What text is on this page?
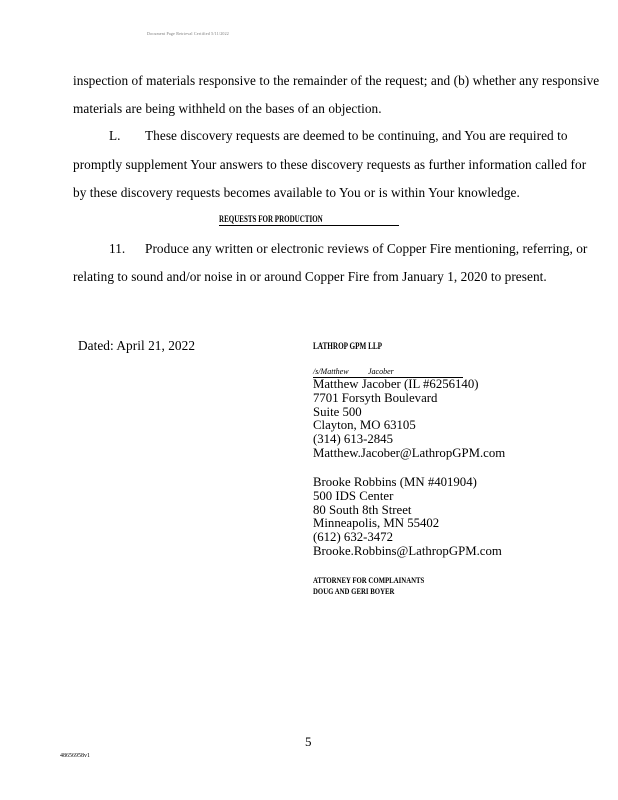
Document Page Retrieval Certified 5/11/2022
inspection of materials responsive to the remainder of the request; and (b) whether any responsive
materials are being withheld on the bases of an objection.
L. These discovery requests are deemed to be continuing, and You are required to
promptly supplement Your answers to these discovery requests as further information called for
by these discovery requests becomes available to You or is within Your knowledge.
REQUESTS FOR PRODUCTION
11. Produce any written or electronic reviews of Copper Fire mentioning, referring, or
relating to sound and/or noise in or around Copper Fire from January 1, 2020 to present.
Dated: April 21, 2022	LATHROP GPM LLP
/s/Matthew Jacober
Matthew Jacober (IL #6256140)
7701 Forsyth Boulevard
Suite 500
Clayton, MO 63105
(314) 613-2845
Matthew.Jacober@LathropGPM.com
Brooke Robbins (MN #401904)
500 IDS Center
80 South 8th Street
Minneapolis, MN 55402
(612) 632-3472
Brooke.Robbins@LathropGPM.com
ATTORNEY FOR COMPLAINANTS
DOUG AND GERI BOYER
5
48656958v1
